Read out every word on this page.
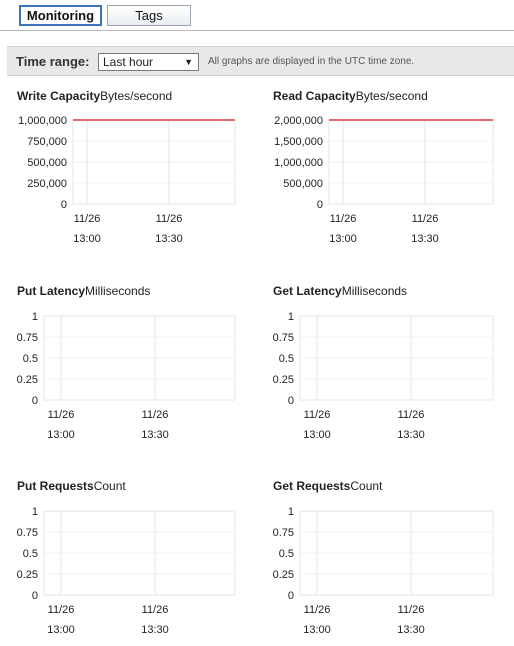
Monitoring	Tags
Time range:	Last hour	▼ All graphs are displayed in the UTC time zone.
Write CapacityBytes/second
1,000,000
750,000
500,000
250,000
0
11/26
13:00
11/26
13:30
Read CapacityBytes/second
2,000,000
1,500,000
1,000,000
500,000
0
11/26
13:00
11/26
13:30
Put LatencyMilliseconds
1
0.75
0.5
0.25
0
11/26
13:00
11/26
13:30
Get LatencyMilliseconds
1
0.75
0.5
0.25
0
11/26
13:00
11/26
13:30
Put RequestsCount
1
0.75
0.5
0.25
0
11/26
13:00
11/26
13:30
Get RequestsCount
1
0.75
0.5
0.25
0
11/26
13:00
11/26
13:30
